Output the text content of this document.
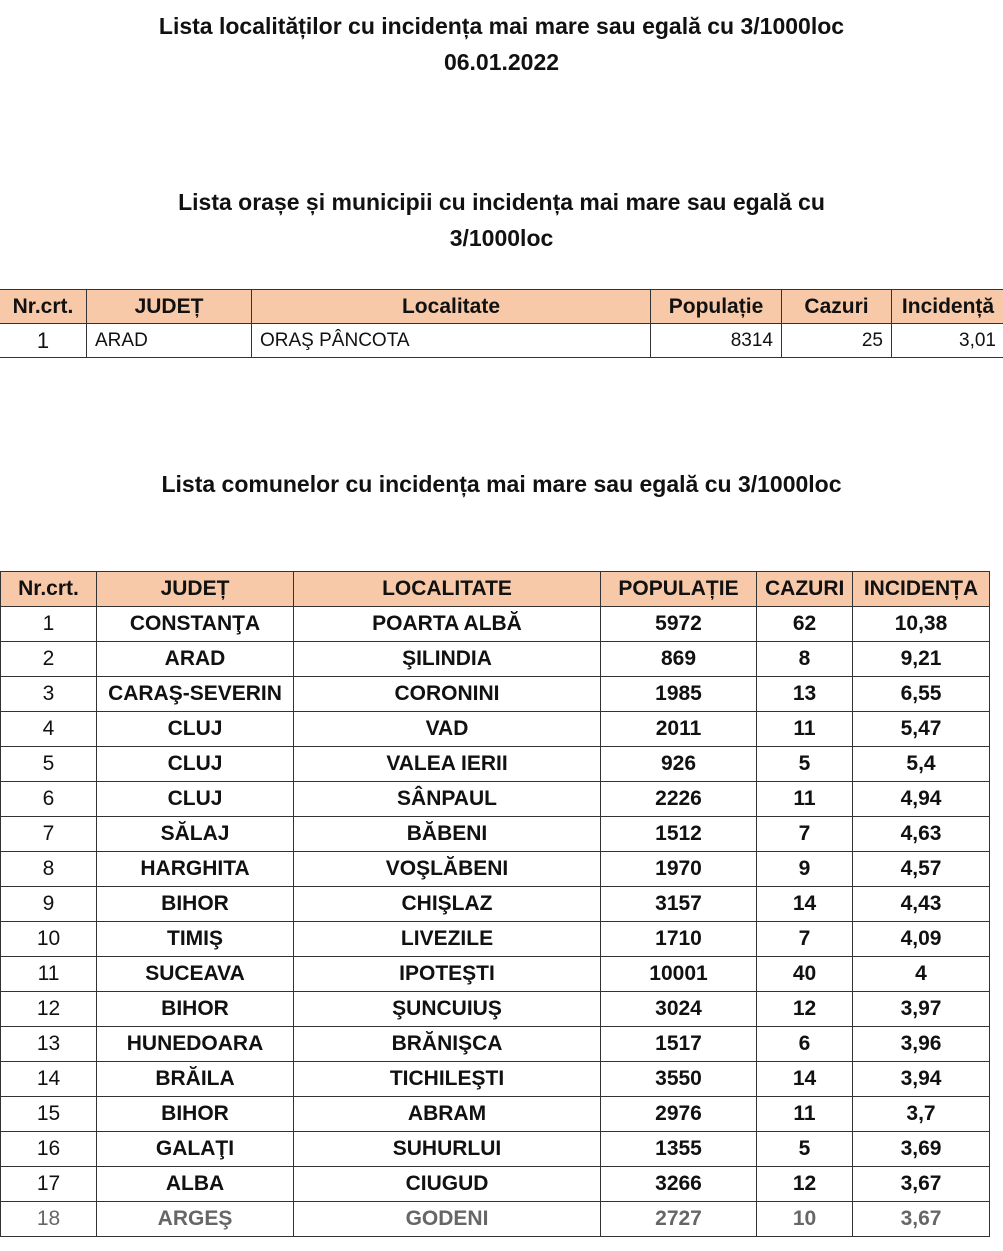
Lista localităților cu incidența mai mare sau egală cu 3/1000loc
06.01.2022
Lista orașe și municipii cu incidența mai mare sau egală cu
3/1000loc
Nr.crt.	JUDEȚ	Localitate	Populație	Cazuri	Incidență
1	ARAD	ORAŞ PÂNCOTA	8314	25	3,01
Lista comunelor cu incidența mai mare sau egală cu 3/1000loc
Nr.crt.	JUDEȚ	LOCALITATE	POPULAȚIE	CAZURI	INCIDENȚA
1	CONSTANŢA	POARTA ALBĂ	5972	62	10,38
2	ARAD	ŞILINDIA	869	8	9,21
3	CARAŞ-SEVERIN	CORONINI	1985	13	6,55
4	CLUJ	VAD	2011	11	5,47
5	CLUJ	VALEA IERII	926	5	5,4
6	CLUJ	SÂNPAUL	2226	11	4,94
7	SĂLAJ	BĂBENI	1512	7	4,63
8	HARGHITA	VOŞLĂBENI	1970	9	4,57
9	BIHOR	CHIŞLAZ	3157	14	4,43
10	TIMIŞ	LIVEZILE	1710	7	4,09
11	SUCEAVA	IPOTEŞTI	10001	40	4
12	BIHOR	ŞUNCUIUŞ	3024	12	3,97
13	HUNEDOARA	BRĂNIŞCA	1517	6	3,96
14	BRĂILA	TICHILEŞTI	3550	14	3,94
15	BIHOR	ABRAM	2976	11	3,7
16	GALAŢI	SUHURLUI	1355	5	3,69
17	ALBA	CIUGUD	3266	12	3,67
18	ARGEŞ	GODENI	2727	10	3,67
